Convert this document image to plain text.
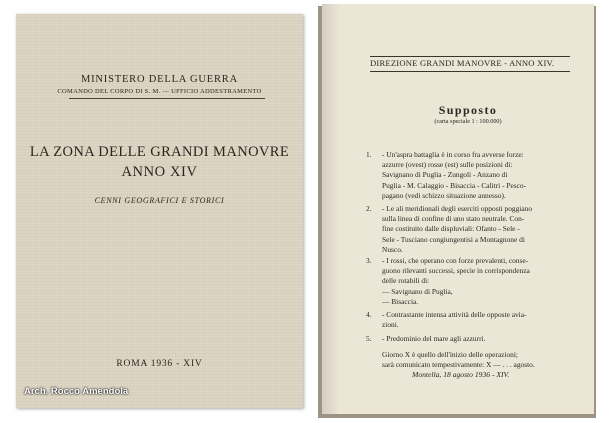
MINISTERO DELLA GUERRA
COMANDO DEL CORPO DI S. M. — UFFICIO ADDESTRAMENTO
LA ZONA DELLE GRANDI MANOVRE
ANNO XIV
CENNI GEOGRAFICI E STORICI
ROMA 1936 - XIV
Arch. Rocco Amendola
DIREZIONE GRANDI MANOVRE - ANNO XIV.
Supposto
(carta speciale 1 : 100.000)
1. - Un'aspra battaglia è in corso fra avverse forze:
azzurre (ovest) rosse (est) sulle posizioni di:
Savignano di Puglia - Zungoli - Anzano di
Puglia - M. Calaggio - Bisaccia - Calitri - Pesco-
pagano (vedi schizzo situazione annesso).
2. - Le ali meridionali degli eserciti opposti poggiano
sulla linea di confine di uno stato neutrale. Con-
fine costituito dalle displuviali: Ofanto - Sele -
Sele - Tusciano congiungentisi a Montagnone di
Nusco.
3. - I rossi, che operano con forze prevalenti, conse-
guono rilevanti successi, specie in corrispondenza
delle rotabili di:
— Savignano di Puglia,
— Bisaccia.
4. - Contrastante intensa attività delle opposte avia-
zioni.
5. - Predominio del mare agli azzurri.
Giorno X è quello dell'inizio delle operazioni;
sarà comunicato tempestivamente: X — . . . agosto.
Montella, 18 agosto 1936 - XIV.
